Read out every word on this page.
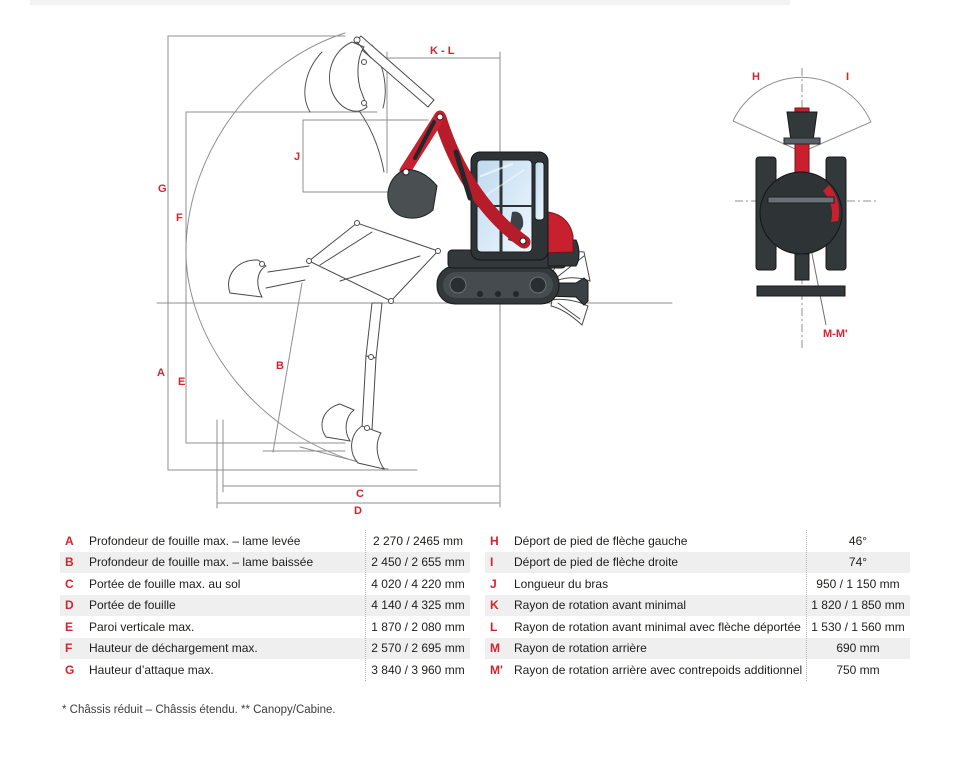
K - L
J
G
F
A
E
B
C
D
H	I
M-M'
A	Profondeur de fouille max. – lame levée	2 270 / 2465 mm
B	Profondeur de fouille max. – lame baissée	2 450 / 2 655 mm
C	Portée de fouille max. au sol	4 020 / 4 220 mm
D	Portée de fouille	4 140 / 4 325 mm
E	Paroi verticale max.	1 870 / 2 080 mm
F	Hauteur de déchargement max.	2 570 / 2 695 mm
G	Hauteur d’attaque max.	3 840 / 3 960 mm
H	Déport de pied de flèche gauche	46°
I	Déport de pied de flèche droite	74°
J	Longueur du bras	950 / 1 150 mm
K	Rayon de rotation avant minimal	1 820 / 1 850 mm
L	Rayon de rotation avant minimal avec flèche déportée 1 530 / 1 560 mm
M	Rayon de rotation arrière	690 mm
M' Rayon de rotation arrière avec contrepoids additionnel	750 mm
* Châssis réduit – Châssis étendu. ** Canopy/Cabine.
